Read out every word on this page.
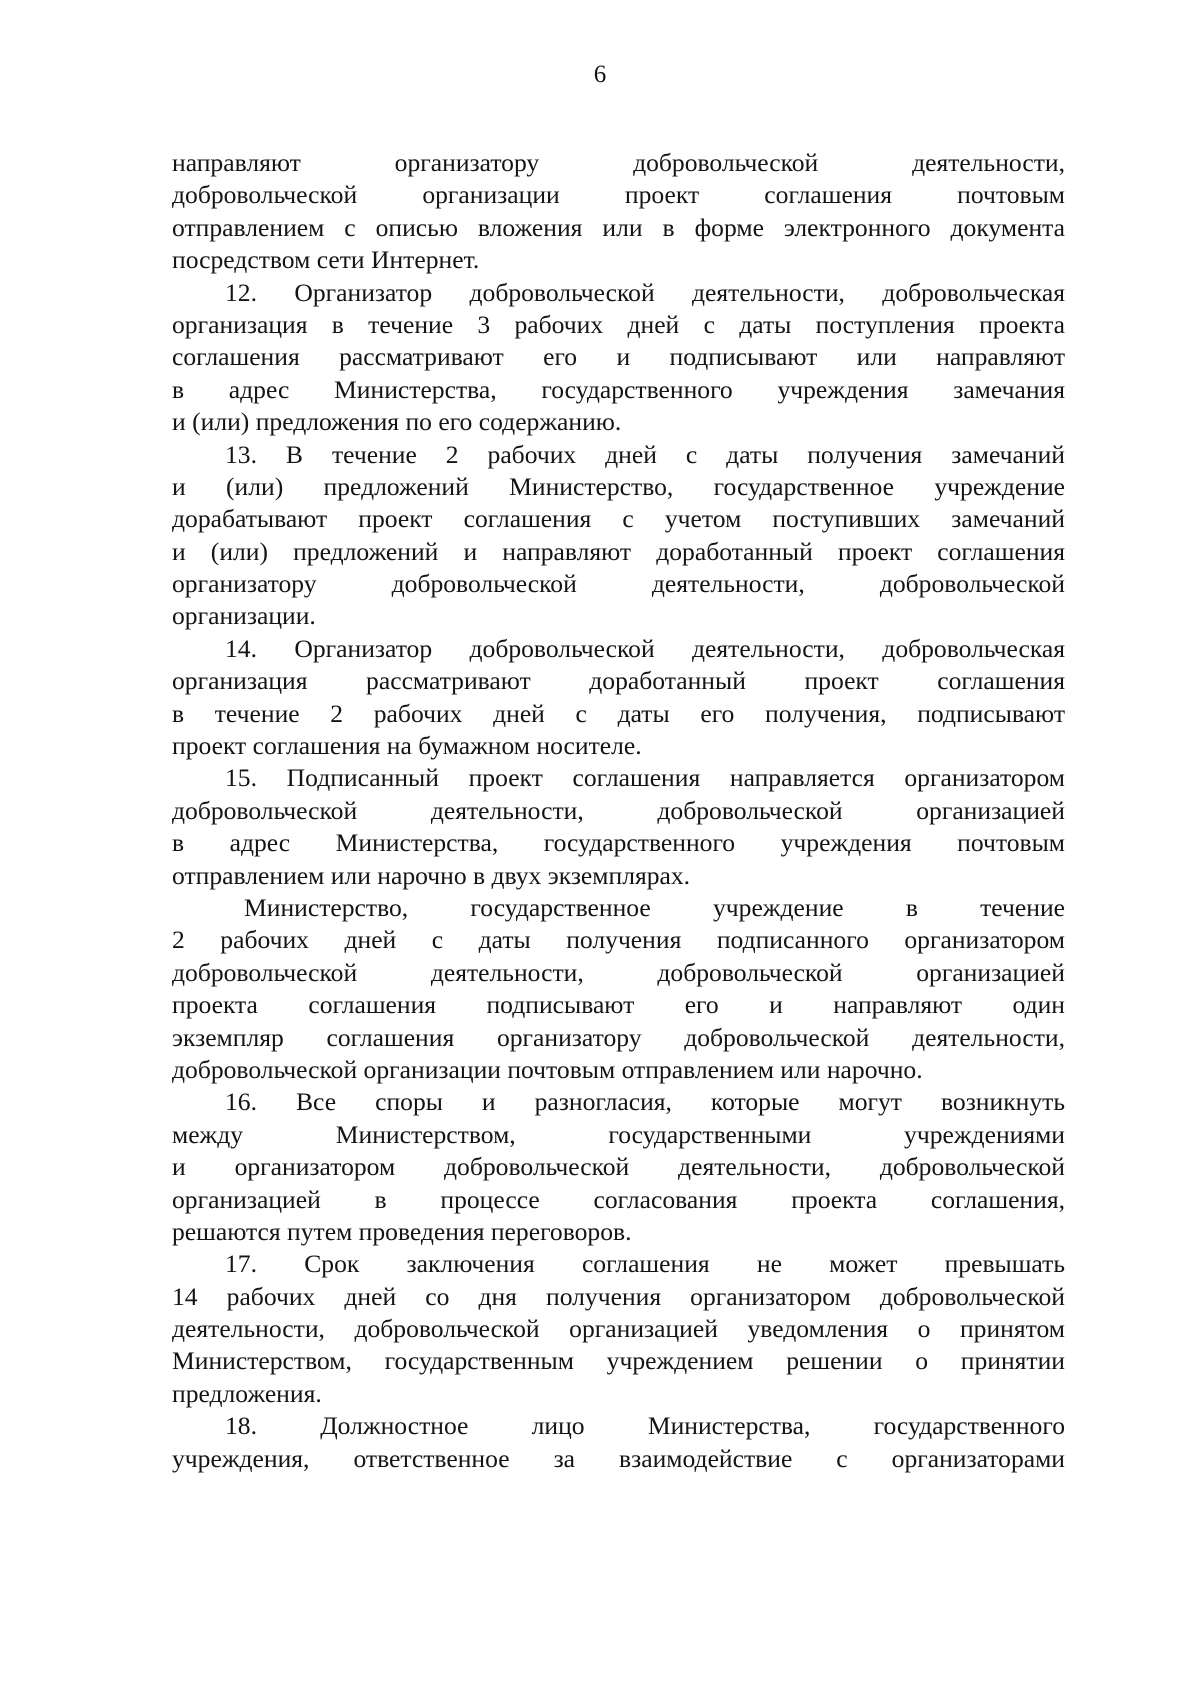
6
направляют организатору добровольческой деятельности,
добровольческой организации проект соглашения почтовым
отправлением с описью вложения или в форме электронного документа
посредством сети Интернет.
12. Организатор добровольческой деятельности, добровольческая
организация в течение 3 рабочих дней с даты поступления проекта
соглашения рассматривают его и подписывают или направляют
в адрес Министерства, государственного учреждения замечания
и (или) предложения по его содержанию.
13. В течение 2 рабочих дней с даты получения замечаний
и (или) предложений Министерство, государственное учреждение
дорабатывают проект соглашения с учетом поступивших замечаний
и (или) предложений и направляют доработанный проект соглашения
организатору добровольческой деятельности, добровольческой
организации.
14. Организатор добровольческой деятельности, добровольческая
организация рассматривают доработанный проект соглашения
в течение 2 рабочих дней с даты его получения, подписывают
проект соглашения на бумажном носителе.
15. Подписанный проект соглашения направляется организатором
добровольческой деятельности, добровольческой организацией
в адрес Министерства, государственного учреждения почтовым
отправлением или нарочно в двух экземплярах.
Министерство, государственное учреждение в течение
2 рабочих дней с даты получения подписанного организатором
добровольческой деятельности, добровольческой организацией
проекта соглашения подписывают его и направляют один
экземпляр соглашения организатору добровольческой деятельности,
добровольческой организации почтовым отправлением или нарочно.
16. Все споры и разногласия, которые могут возникнуть
между Министерством, государственными учреждениями
и организатором добровольческой деятельности, добровольческой
организацией в процессе согласования проекта соглашения,
решаются путем проведения переговоров.
17. Срок заключения соглашения не может превышать
14 рабочих дней со дня получения организатором добровольческой
деятельности, добровольческой организацией уведомления о принятом
Министерством, государственным учреждением решении о принятии
предложения.
18. Должностное лицо Министерства, государственного
учреждения, ответственное за взаимодействие с организаторами
